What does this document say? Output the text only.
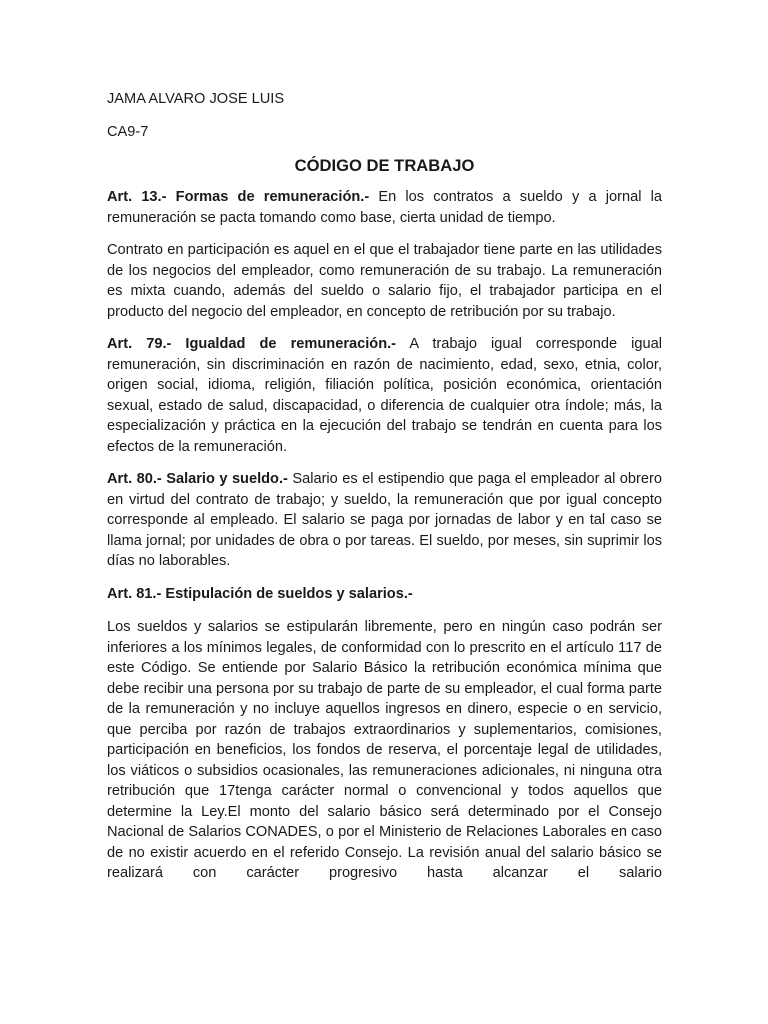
JAMA ALVARO JOSE LUIS

CA9-7

CÓDIGO DE TRABAJO

Art. 13.- Formas de remuneración.- En los contratos a sueldo y a jornal la remuneración se pacta tomando como base, cierta unidad de tiempo.

Contrato en participación es aquel en el que el trabajador tiene parte en las utilidades de los negocios del empleador, como remuneración de su trabajo. La remuneración es mixta cuando, además del sueldo o salario fijo, el trabajador participa en el producto del negocio del empleador, en concepto de retribución por su trabajo.

Art. 79.- Igualdad de remuneración.- A trabajo igual corresponde igual remuneración, sin discriminación en razón de nacimiento, edad, sexo, etnia, color, origen social, idioma, religión, filiación política, posición económica, orientación sexual, estado de salud, discapacidad, o diferencia de cualquier otra índole; más, la especialización y práctica en la ejecución del trabajo se tendrán en cuenta para los efectos de la remuneración.

Art. 80.- Salario y sueldo.- Salario es el estipendio que paga el empleador al obrero en virtud del contrato de trabajo; y sueldo, la remuneración que por igual concepto corresponde al empleado. El salario se paga por jornadas de labor y en tal caso se llama jornal; por unidades de obra o por tareas. El sueldo, por meses, sin suprimir los días no laborables.

Art. 81.- Estipulación de sueldos y salarios.-

Los sueldos y salarios se estipularán libremente, pero en ningún caso podrán ser inferiores a los mínimos legales, de conformidad con lo prescrito en el artículo 117 de este Código. Se entiende por Salario Básico la retribución económica mínima que debe recibir una persona por su trabajo de parte de su empleador, el cual forma parte de la remuneración y no incluye aquellos ingresos en dinero, especie o en servicio, que perciba por razón de trabajos extraordinarios y suplementarios, comisiones, participación en beneficios, los fondos de reserva, el porcentaje legal de utilidades, los viáticos o subsidios ocasionales, las remuneraciones adicionales, ni ninguna otra retribución que 17tenga carácter normal o convencional y todos aquellos que determine la Ley.El monto del salario básico será determinado por el Consejo Nacional de Salarios CONADES, o por el Ministerio de Relaciones Laborales en caso de no existir acuerdo en el referido Consejo. La revisión anual del salario básico se realizará con carácter progresivo hasta alcanzar el salario
